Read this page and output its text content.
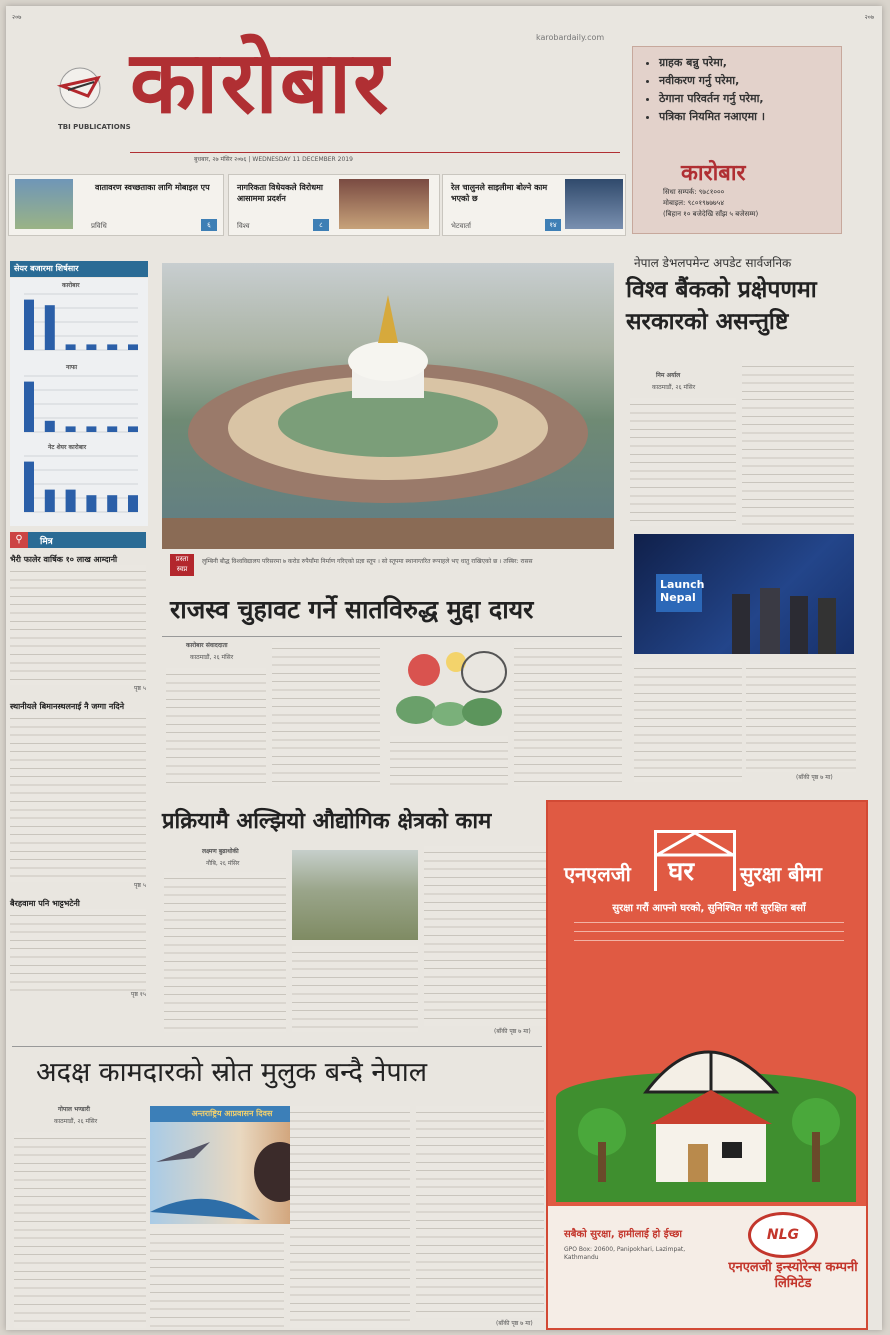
२०७	२०७
TBI PUBLICATIONS कारोबार	karobardaily.com
बुधबार, २७ मंसिर २०७६ | WEDNESDAY 11 DECEMBER 2019
• ग्राहक बन्नु परेमा,
• नवीकरण गर्नु परेमा,
• ठेगाना परिवर्तन गर्नु परेमा,
• पत्रिका नियमित नआएमा ।
कारोबार
सिधा सम्पर्क: ९७८१०००
मोबाइल: ९८०१९७७७५४
(बिहान १० बजेदेखि साँझ ५ बजेसम्म)
वातावरण स्वच्छताका लागि मोबाइल एप
प्रविधि	६
नागरिकता विधेयकले विरोधमा आसाममा प्रदर्शन
विश्व	८
रेल चालुनले साइलीमा बोल्ने काम भएको छ
भेटवार्ता	१४
सेयर बजारमा शिर्षसार
कारोबार
नाफा
नेट शेयर कारोबार
⚲	मित्र
भैरी फालेर वार्षिक १० लाख आम्दानी
पृष्ठ ५
स्थानीयले बिमानस्थलनाई नै जग्गा नदिने
पृष्ठ ५
बैरहवामा पनि भाट्टभटेनी
पृष्ठ १५
प्रस्ता
स्वप्न
लुम्बिनी बौद्ध विश्वविद्यालय परिसरमा ७ करोड रुपैयाँमा निर्माण गरिएको प्रज्ञा स्तूप । सो स्तूपमा स्थानाग्तरित रूपाहले भए धातु राखिएको छ । तस्बिर: रासस
नेपाल डेभलपमेन्ट अपडेट सार्वजनिक
विश्व बैंकको प्रक्षेपणमा सरकारको असन्तुष्टि
निम अर्याल
काठमाडौं, २६ मंसिर
Launch Nepal
(बाँकी पृष्ठ ७ मा)
राजस्व चुहावट गर्ने सातविरुद्ध मुद्दा दायर
कारोबार संवाददाता
काठमाडौं, २६ मंसिर
प्रक्रियामै अल्झियो औद्योगिक क्षेत्रको काम
लक्ष्मण बुढाथोकी
नौबि, २६ मंसिर
(बाँकी पृष्ठ ७ मा)
अदक्ष कामदारको स्रोत मुलुक बन्दै नेपाल
गोपाल भण्डारी
काठमाडौं, २६ मंसिर
अन्तराष्ट्रिय आप्रवासन दिवस
(बाँकी पृष्ठ ७ मा)
एनएलजी घर सुरक्षा बीमा
सुरक्षा गरौं आफ्नो घरको, सुनिश्चित गरौं सुरक्षित बसाँ
NLG
सबैको सुरक्षा, हामीलाई हो ईच्छा
GPO Box: 20600, Panipokhari, Lazimpat, Kathmandu
एनएलजी इन्स्योरेन्स कम्पनी लिमिटेड
